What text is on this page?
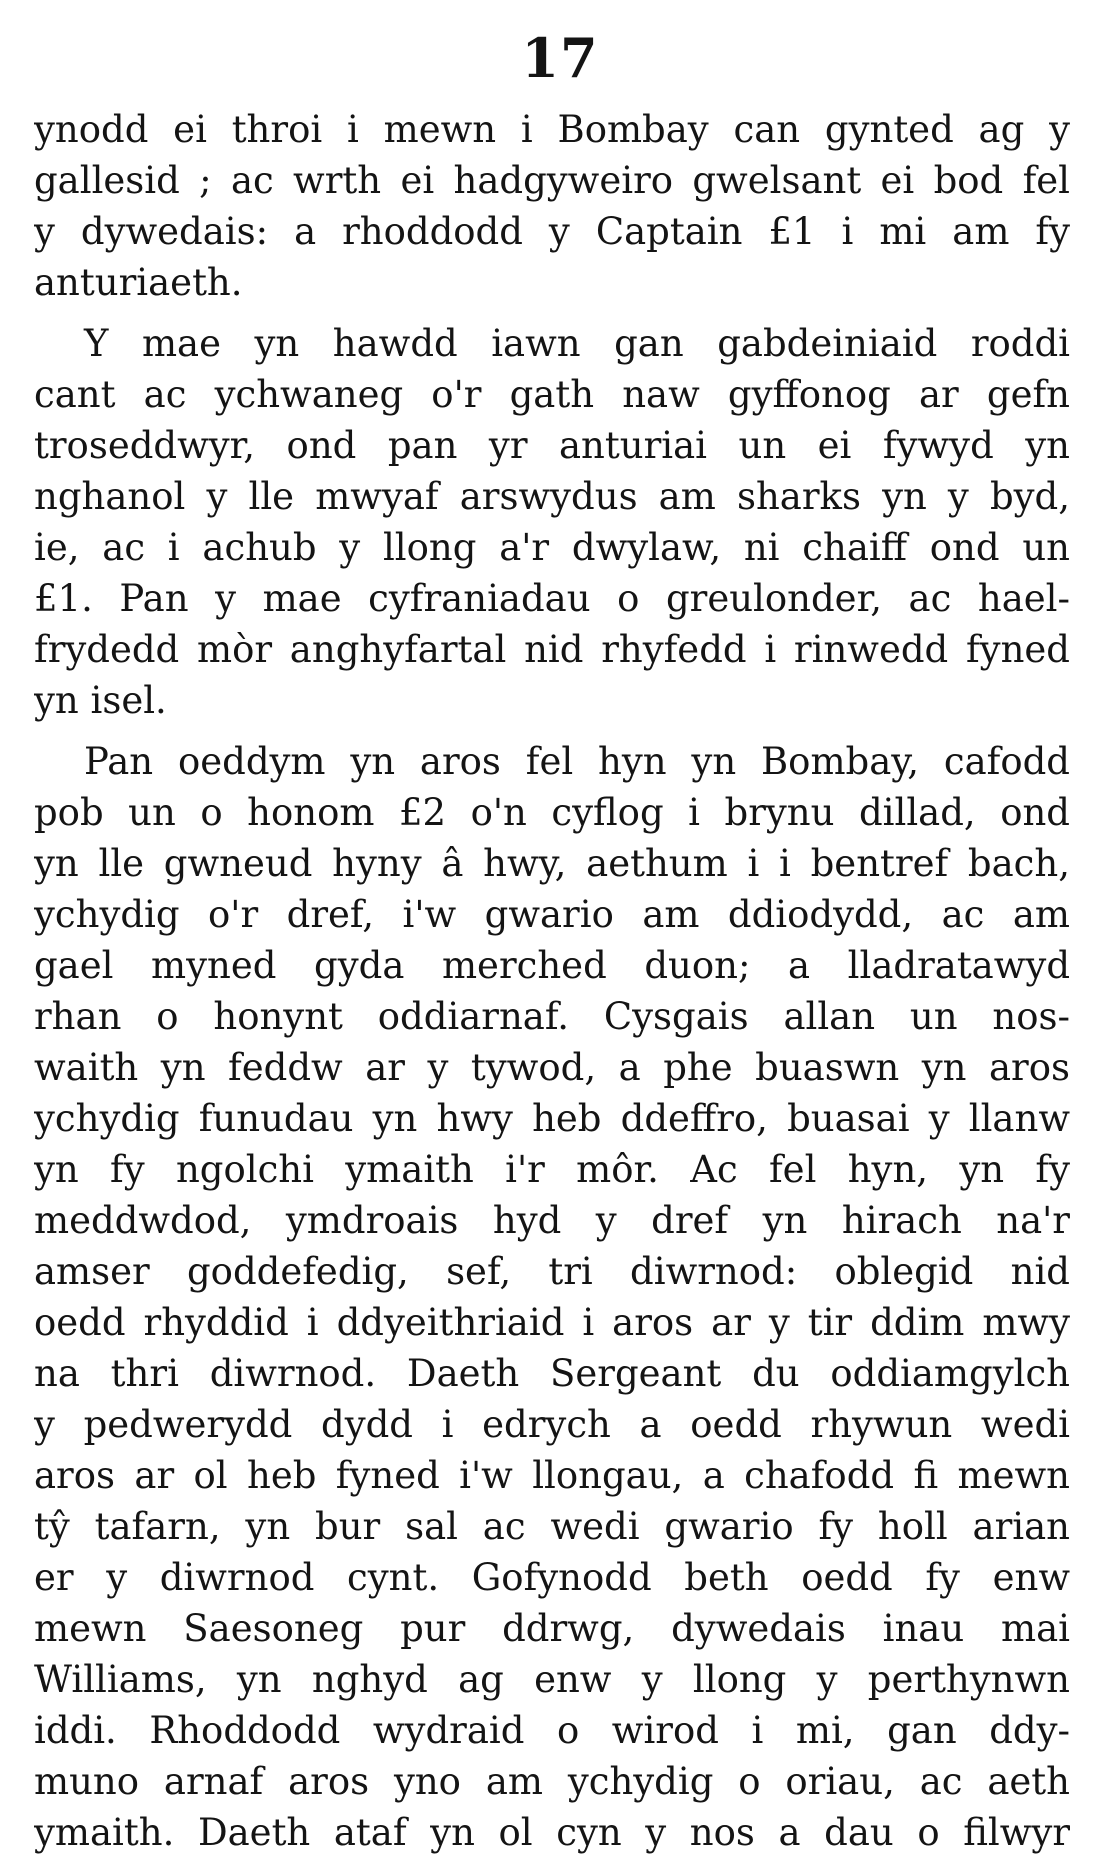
17
ynodd ei throi i mewn i Bombay can gynted ag y
gallesid ; ac wrth ei hadgyweiro gwelsant ei bod fel
y dywedais: a rhoddodd y Captain £1 i mi am fy
anturiaeth.
Y mae yn hawdd iawn gan gabdeiniaid roddi
cant ac ychwaneg o'r gath naw gyffonog ar gefn
troseddwyr, ond pan yr anturiai un ei fywyd yn
nghanol y lle mwyaf arswydus am sharks yn y byd,
ie, ac i achub y llong a'r dwylaw, ni chaiff ond un
£1. Pan y mae cyfraniadau o greulonder, ac hael-
frydedd mòr anghyfartal nid rhyfedd i rinwedd fyned
yn isel.
Pan oeddym yn aros fel hyn yn Bombay, cafodd
pob un o honom £2 o'n cyflog i brynu dillad, ond
yn lle gwneud hyny â hwy, aethum i i bentref bach,
ychydig o'r dref, i'w gwario am ddiodydd, ac am
gael myned gyda merched duon; a lladratawyd
rhan o honynt oddiarnaf. Cysgais allan un nos-
waith yn feddw ar y tywod, a phe buaswn yn aros
ychydig funudau yn hwy heb ddeffro, buasai y llanw
yn fy ngolchi ymaith i'r môr. Ac fel hyn, yn fy
meddwdod, ymdroais hyd y dref yn hirach na'r
amser goddefedig, sef, tri diwrnod: oblegid nid
oedd rhyddid i ddyeithriaid i aros ar y tir ddim mwy
na thri diwrnod. Daeth Sergeant du oddiamgylch
y pedwerydd dydd i edrych a oedd rhywun wedi
aros ar ol heb fyned i'w llongau, a chafodd fi mewn
tŷ tafarn, yn bur sal ac wedi gwario fy holl arian
er y diwrnod cynt. Gofynodd beth oedd fy enw
mewn Saesoneg pur ddrwg, dywedais inau mai
Williams, yn nghyd ag enw y llong y perthynwn
iddi. Rhoddodd wydraid o wirod i mi, gan ddy-
muno arnaf aros yno am ychydig o oriau, ac aeth
ymaith. Daeth ataf yn ol cyn y nos a dau o filwyr
